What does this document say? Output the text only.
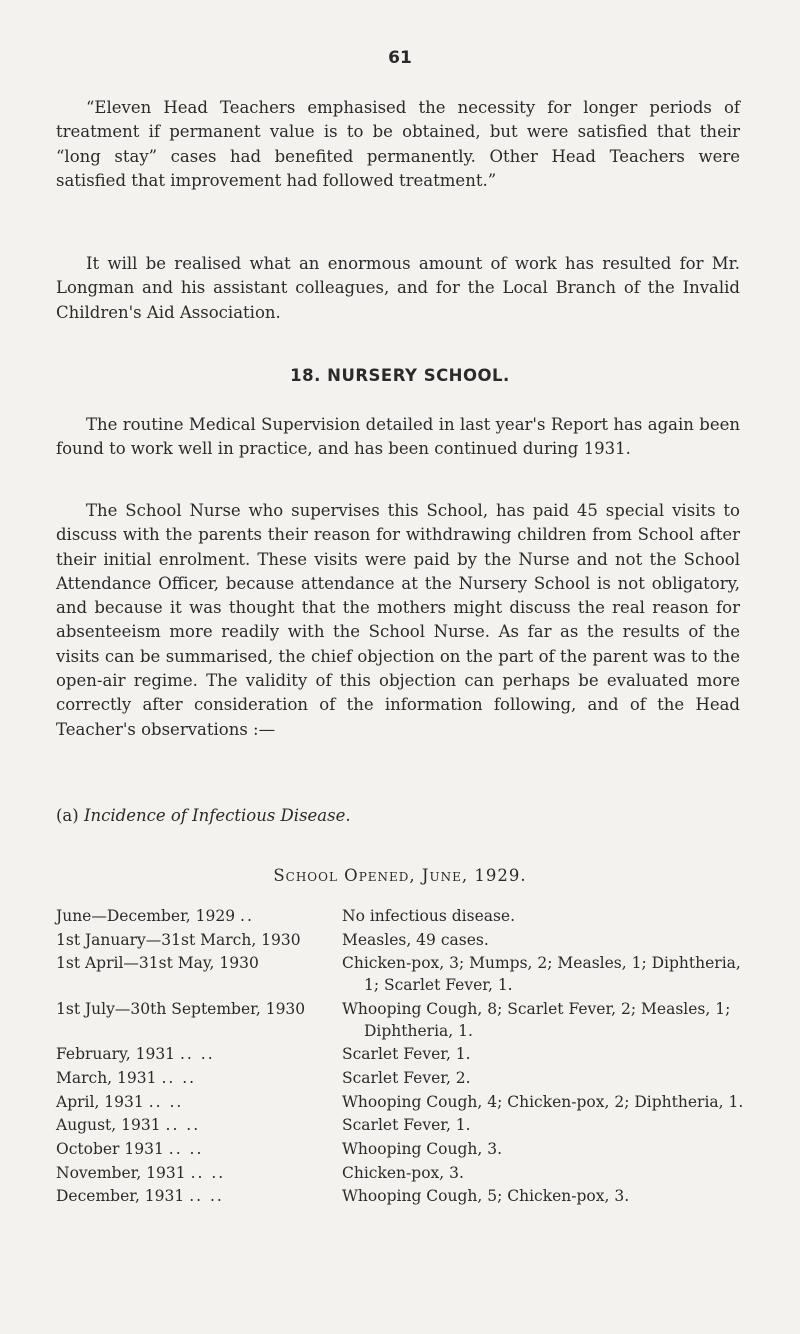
61

“Eleven Head Teachers emphasised the necessity for longer periods of treatment if permanent value is to be obtained, but were satisfied that their “long stay” cases had benefited permanently. Other Head Teachers were satisfied that improvement had followed treatment.”

It will be realised what an enormous amount of work has resulted for Mr. Longman and his assistant colleagues, and for the Local Branch of the Invalid Children's Aid Association.

18. NURSERY SCHOOL.

The routine Medical Supervision detailed in last year's Report has again been found to work well in practice, and has been continued during 1931.

The School Nurse who supervises this School, has paid 45 special visits to discuss with the parents their reason for withdrawing children from School after their initial enrolment. These visits were paid by the Nurse and not the School Attendance Officer, because attendance at the Nursery School is not obligatory, and because it was thought that the mothers might discuss the real reason for absenteeism more readily with the School Nurse. As far as the results of the visits can be summarised, the chief objection on the part of the parent was to the open-air regime. The validity of this objection can perhaps be evaluated more correctly after consideration of the information following, and of the Head Teacher's observations :—

(a) Incidence of Infectious Disease.

School Opened, June, 1929.

June—December, 1929 ..	No infectious disease.
1st January—31st March, 1930	Measles, 49 cases.
1st April—31st May, 1930	Chicken-pox, 3; Mumps, 2; Measles, 1; Diphtheria, 1; Scarlet Fever, 1.
1st July—30th September, 1930	Whooping Cough, 8; Scarlet Fever, 2; Measles, 1; Diphtheria, 1.
February, 1931 .. ..	Scarlet Fever, 1.
March, 1931 .. ..	Scarlet Fever, 2.
April, 1931 .. ..	Whooping Cough, 4; Chicken-pox, 2; Diphtheria, 1.
August, 1931 .. ..	Scarlet Fever, 1.
October 1931 .. ..	Whooping Cough, 3.
November, 1931 .. ..	Chicken-pox, 3.
December, 1931 .. ..	Whooping Cough, 5; Chicken-pox, 3.
